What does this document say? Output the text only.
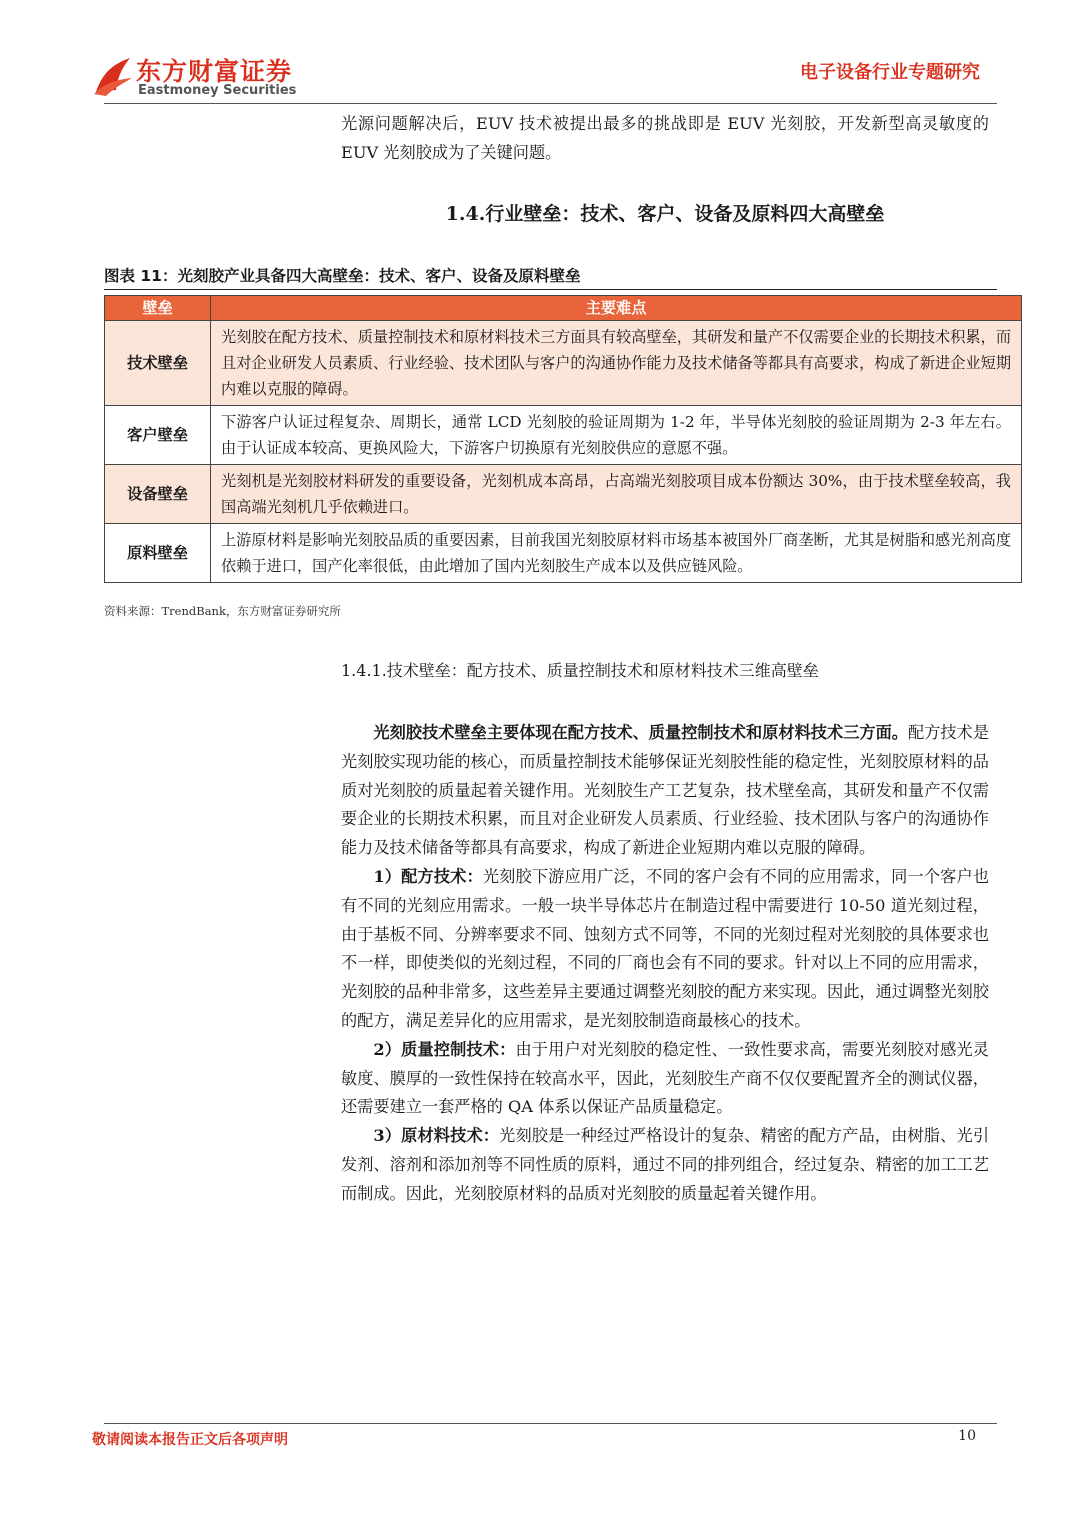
东方财富证券
Eastmoney Securities
电子设备行业专题研究

光源问题解决后，EUV 技术被提出最多的挑战即是 EUV 光刻胶，开发新型高灵敏度的 EUV 光刻胶成为了关键问题。

1.4.行业壁垒：技术、客户、设备及原料四大高壁垒
图表 11：光刻胶产业具备四大高壁垒：技术、客户、设备及原料壁垒
壁垒	主要难点
技术壁垒	光刻胶在配方技术、质量控制技术和原材料技术三方面具有较高壁垒，其研发和量产不仅需要企业的长期技术积累，而且对企业研发人员素质、行业经验、技术团队与客户的沟通协作能力及技术储备等都具有高要求，构成了新进企业短期内难以克服的障碍。
客户壁垒	下游客户认证过程复杂、周期长，通常 LCD 光刻胶的验证周期为 1-2 年，半导体光刻胶的验证周期为 2-3 年左右。由于认证成本较高、更换风险大，下游客户切换原有光刻胶供应的意愿不强。
设备壁垒	光刻机是光刻胶材料研发的重要设备，光刻机成本高昂，占高端光刻胶项目成本份额达 30%，由于技术壁垒较高，我国高端光刻机几乎依赖进口。
原料壁垒	上游原材料是影响光刻胶品质的重要因素，目前我国光刻胶原材料市场基本被国外厂商垄断，尤其是树脂和感光剂高度依赖于进口，国产化率很低，由此增加了国内光刻胶生产成本以及供应链风险。
资料来源：TrendBank，东方财富证券研究所
1.4.1.技术壁垒：配方技术、质量控制技术和原材料技术三维高壁垒

光刻胶技术壁垒主要体现在配方技术、质量控制技术和原材料技术三方面。配方技术是光刻胶实现功能的核心，而质量控制技术能够保证光刻胶性能的稳定性，光刻胶原材料的品质对光刻胶的质量起着关键作用。光刻胶生产工艺复杂，技术壁垒高，其研发和量产不仅需要企业的长期技术积累，而且对企业研发人员素质、行业经验、技术团队与客户的沟通协作能力及技术储备等都具有高要求，构成了新进企业短期内难以克服的障碍。

1）配方技术：光刻胶下游应用广泛，不同的客户会有不同的应用需求，同一个客户也有不同的光刻应用需求。一般一块半导体芯片在制造过程中需要进行 10-50 道光刻过程，由于基板不同、分辨率要求不同、蚀刻方式不同等，不同的光刻过程对光刻胶的具体要求也不一样，即使类似的光刻过程，不同的厂商也会有不同的要求。针对以上不同的应用需求，光刻胶的品种非常多，这些差异主要通过调整光刻胶的配方来实现。因此，通过调整光刻胶的配方，满足差异化的应用需求，是光刻胶制造商最核心的技术。

2）质量控制技术：由于用户对光刻胶的稳定性、一致性要求高，需要光刻胶对感光灵敏度、膜厚的一致性保持在较高水平，因此，光刻胶生产商不仅仅要配置齐全的测试仪器，还需要建立一套严格的 QA 体系以保证产品质量稳定。

3）原材料技术：光刻胶是一种经过严格设计的复杂、精密的配方产品，由树脂、光引发剂、溶剂和添加剂等不同性质的原料，通过不同的排列组合，经过复杂、精密的加工工艺而制成。因此，光刻胶原材料的品质对光刻胶的质量起着关键作用。

敬请阅读本报告正文后各项声明	10
